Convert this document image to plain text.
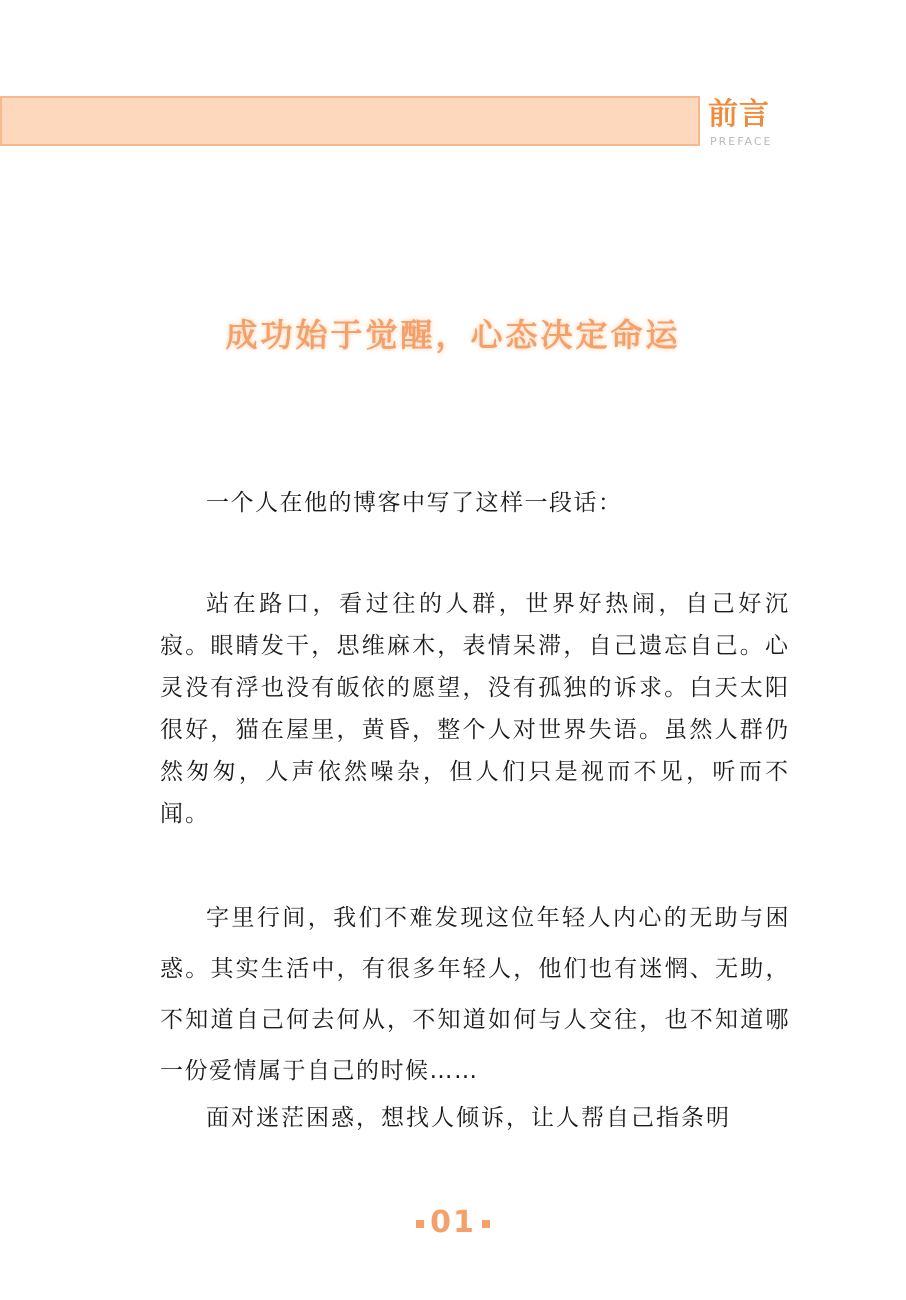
前言
PREFACE
成功始于觉醒，心态决定命运

一个人在他的博客中写了这样一段话：

站在路口，看过往的人群，世界好热闹，自己好沉寂。眼睛发干，思维麻木，表情呆滞，自己遗忘自己。心灵没有浮也没有皈依的愿望，没有孤独的诉求。白天太阳很好，猫在屋里，黄昏，整个人对世界失语。虽然人群仍然匆匆，人声依然噪杂，但人们只是视而不见，听而不闻。

字里行间，我们不难发现这位年轻人内心的无助与困惑。其实生活中，有很多年轻人，他们也有迷惘、无助，不知道自己何去何从，不知道如何与人交往，也不知道哪一份爱情属于自己的时候……

面对迷茫困惑，想找人倾诉，让人帮自己指条明

01
